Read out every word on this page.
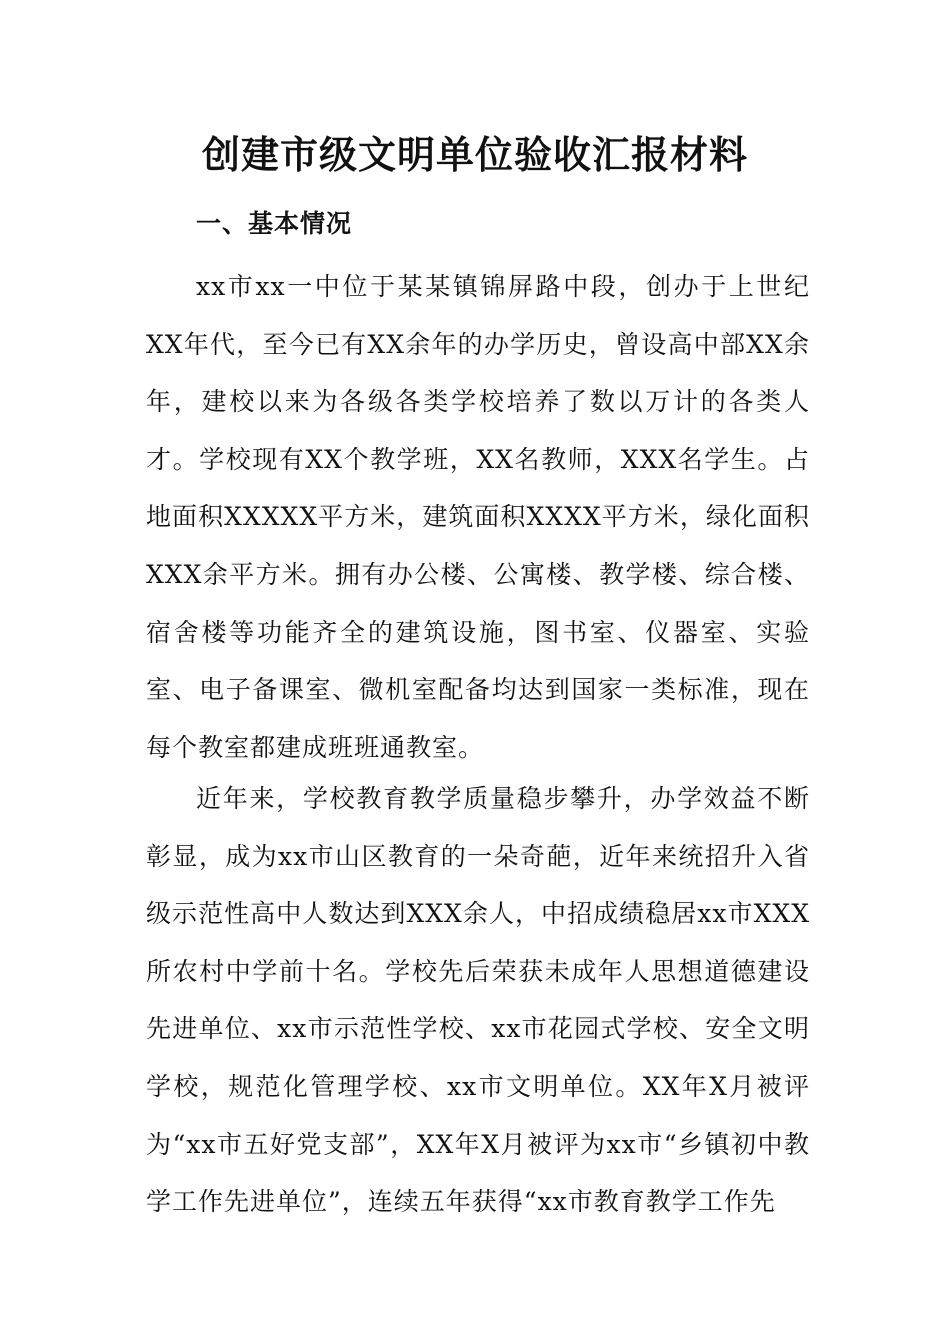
创建市级文明单位验收汇报材料
一、基本情况

xx市xx一中位于某某镇锦屏路中段，创办于上世纪XX年代，至今已有XX余年的办学历史，曾设高中部XX余年，建校以来为各级各类学校培养了数以万计的各类人才。学校现有XX个教学班，XX名教师，XXX名学生。占地面积XXXXX平方米，建筑面积XXXX平方米，绿化面积XXX余平方米。拥有办公楼、公寓楼、教学楼、综合楼、宿舍楼等功能齐全的建筑设施，图书室、仪器室、实验室、电子备课室、微机室配备均达到国家一类标准，现在每个教室都建成班班通教室。

近年来，学校教育教学质量稳步攀升，办学效益不断彰显，成为xx市山区教育的一朵奇葩，近年来统招升入省级示范性高中人数达到XXX余人，中招成绩稳居xx市XXX所农村中学前十名。学校先后荣获未成年人思想道德建设先进单位、xx市示范性学校、xx市花园式学校、安全文明学校，规范化管理学校、xx市文明单位。XX年X月被评为“xx市五好党支部”，XX年X月被评为xx市“乡镇初中教学工作先进单位”，连续五年获得“xx市教育教学工作先
